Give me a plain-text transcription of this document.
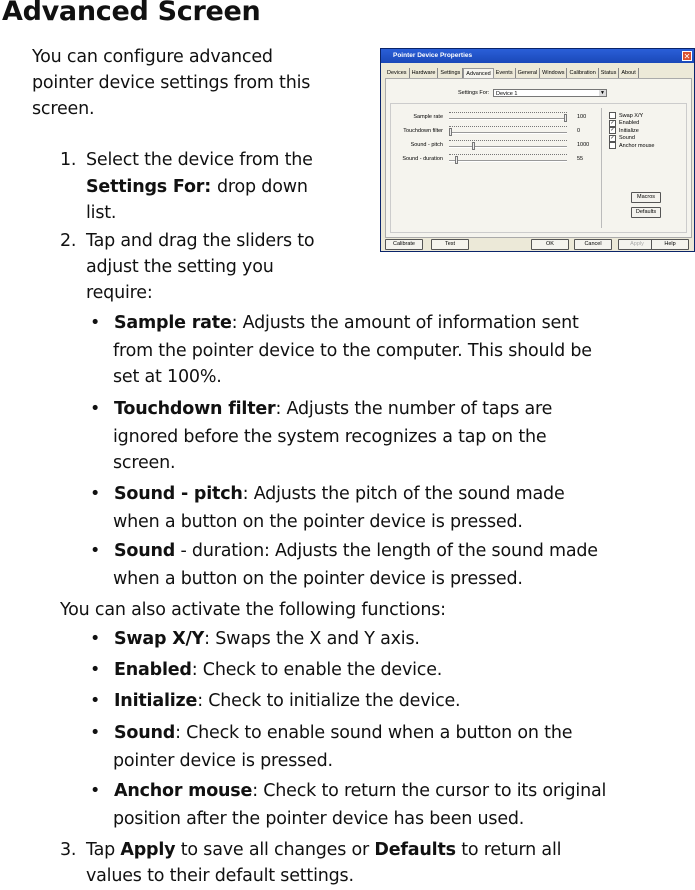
Advanced Screen
You can configure advanced
pointer device settings from this
screen.
1. Select the device from the
Settings For: drop down
list.
2. Tap and drag the sliders to
adjust the setting you
require:
• Sample rate: Adjusts the amount of information sent
from the pointer device to the computer. This should be
set at 100%.
• Touchdown filter: Adjusts the number of taps are
ignored before the system recognizes a tap on the
screen.
• Sound - pitch: Adjusts the pitch of the sound made
when a button on the pointer device is pressed.
• Sound - duration: Adjusts the length of the sound made
when a button on the pointer device is pressed.
You can also activate the following functions:
• Swap X/Y: Swaps the X and Y axis.
• Enabled: Check to enable the device.
• Initialize: Check to initialize the device.
• Sound: Check to enable sound when a button on the
pointer device is pressed.
• Anchor mouse: Check to return the cursor to its original
position after the pointer device has been used.
3. Tap Apply to save all changes or Defaults to return all
values to their default settings.
Pointer Device Properties	✕
Devices Hardware Settings	Advanced Events General Windows Calibration Status About
Settings For:	Device 1	▼
Macros
Defaults
Sample rate	100
Touchdown filter	0
Sound - pitch	1000
Sound - duration	55
Swap X/Y
✓ Enabled
✓ Initialize
✓ Sound
Anchor mouse
Calibrate	Test	OK	Cancel	Apply	Help
